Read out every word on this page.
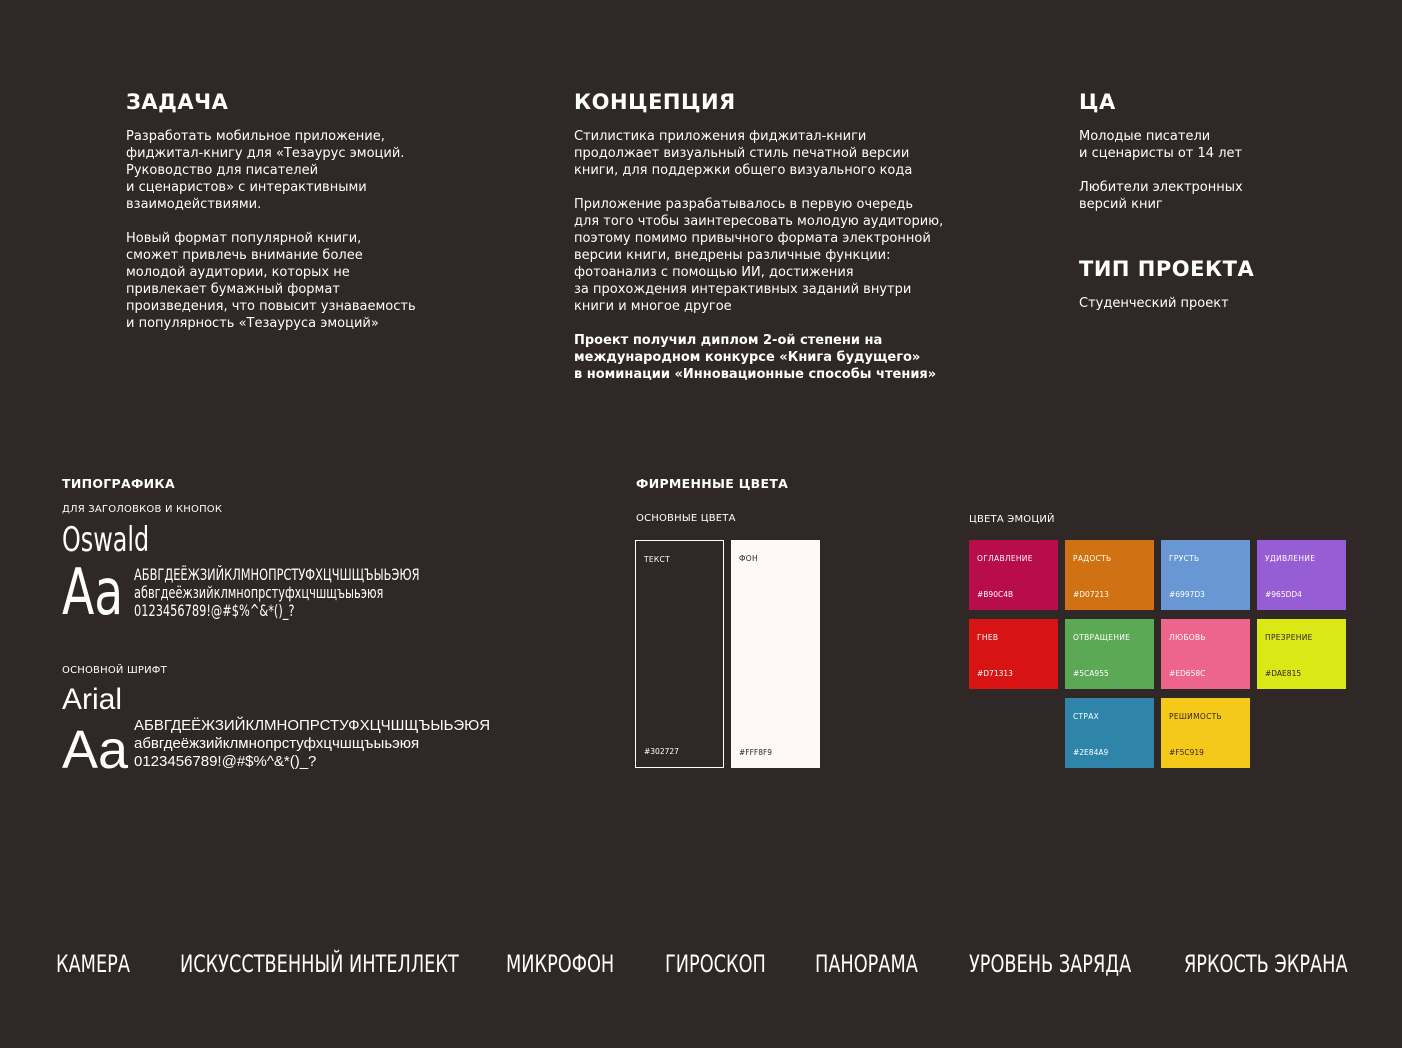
ЗАДАЧА

Разработать мобильное приложение,
фиджитал-книгу для «Тезаурус эмоций.
Руководство для писателей
и сценаристов» с интерактивными
взаимодействиями.

Новый формат популярной книги,
сможет привлечь внимание более
молодой аудитории, которых не
привлекает бумажный формат
произведения, что повысит узнаваемость
и популярность «Тезауруса эмоций»

КОНЦЕПЦИЯ

Стилистика приложения фиджитал-книги
продолжает визуальный стиль печатной версии
книги, для поддержки общего визуального кода

Приложение разрабатывалось в первую очередь
для того чтобы заинтересовать молодую аудиторию,
поэтому помимо привычного формата электронной
версии книги, внедрены различные функции:
фотоанализ с помощью ИИ, достижения
за прохождения интерактивных заданий внутри
книги и многое другое

Проект получил диплом 2-ой степени на
международном конкурсе «Книга будущего»
в номинации «Инновационные способы чтения»

ЦА

Молодые писатели
и сценаристы от 14 лет

Любители электронных
версий книг

ТИП ПРОЕКТА

Студенческий проект

ТИПОГРАФИКА
ДЛЯ ЗАГОЛОВКОВ И КНОПОК
Oswald
Aa АБВГДЕЁЖЗИЙКЛМНОПРСТУФХЦЧШЩЪЫЬЭЮЯ
абвгдеёжзийклмнопрстуфхцчшщъыьэюя
0123456789!@#$%^&*()_?
ОСНОВНОЙ ШРИФТ
Arial
Aa АБВГДЕЁЖЗИЙКЛМНОПРСТУФХЦЧШЩЪЫЬЭЮЯ
абвгдеёжзийклмнопрстуфхцчшщъыьэюя
0123456789!@#$%^&*()_?
ФИРМЕННЫЕ ЦВЕТА
ОСНОВНЫЕ ЦВЕТА
ТЕКСТ
#302727
ФОН
#FFF8F9
ЦВЕТА ЭМОЦИЙ
ОГЛАВЛЕНИЕ
#B90C4B
РАДОСТЬ
#D07213
ГРУСТЬ
#6997D3
УДИВЛЕНИЕ
#965DD4
ГНЕВ
#D71313
ОТВРАЩЕНИЕ
#5CA955
ЛЮБОВЬ
#ED658C
ПРЕЗРЕНИЕ
#DAE815
СТРАХ
#2E84A9
РЕШИМОСТЬ
#F5C919
КАМЕРА ИСКУССТВЕННЫЙ ИНТЕЛЛЕКТ МИКРОФОН ГИРОСКОП ПАНОРАМА УРОВЕНЬ ЗАРЯДА ЯРКОСТЬ ЭКРАНА
